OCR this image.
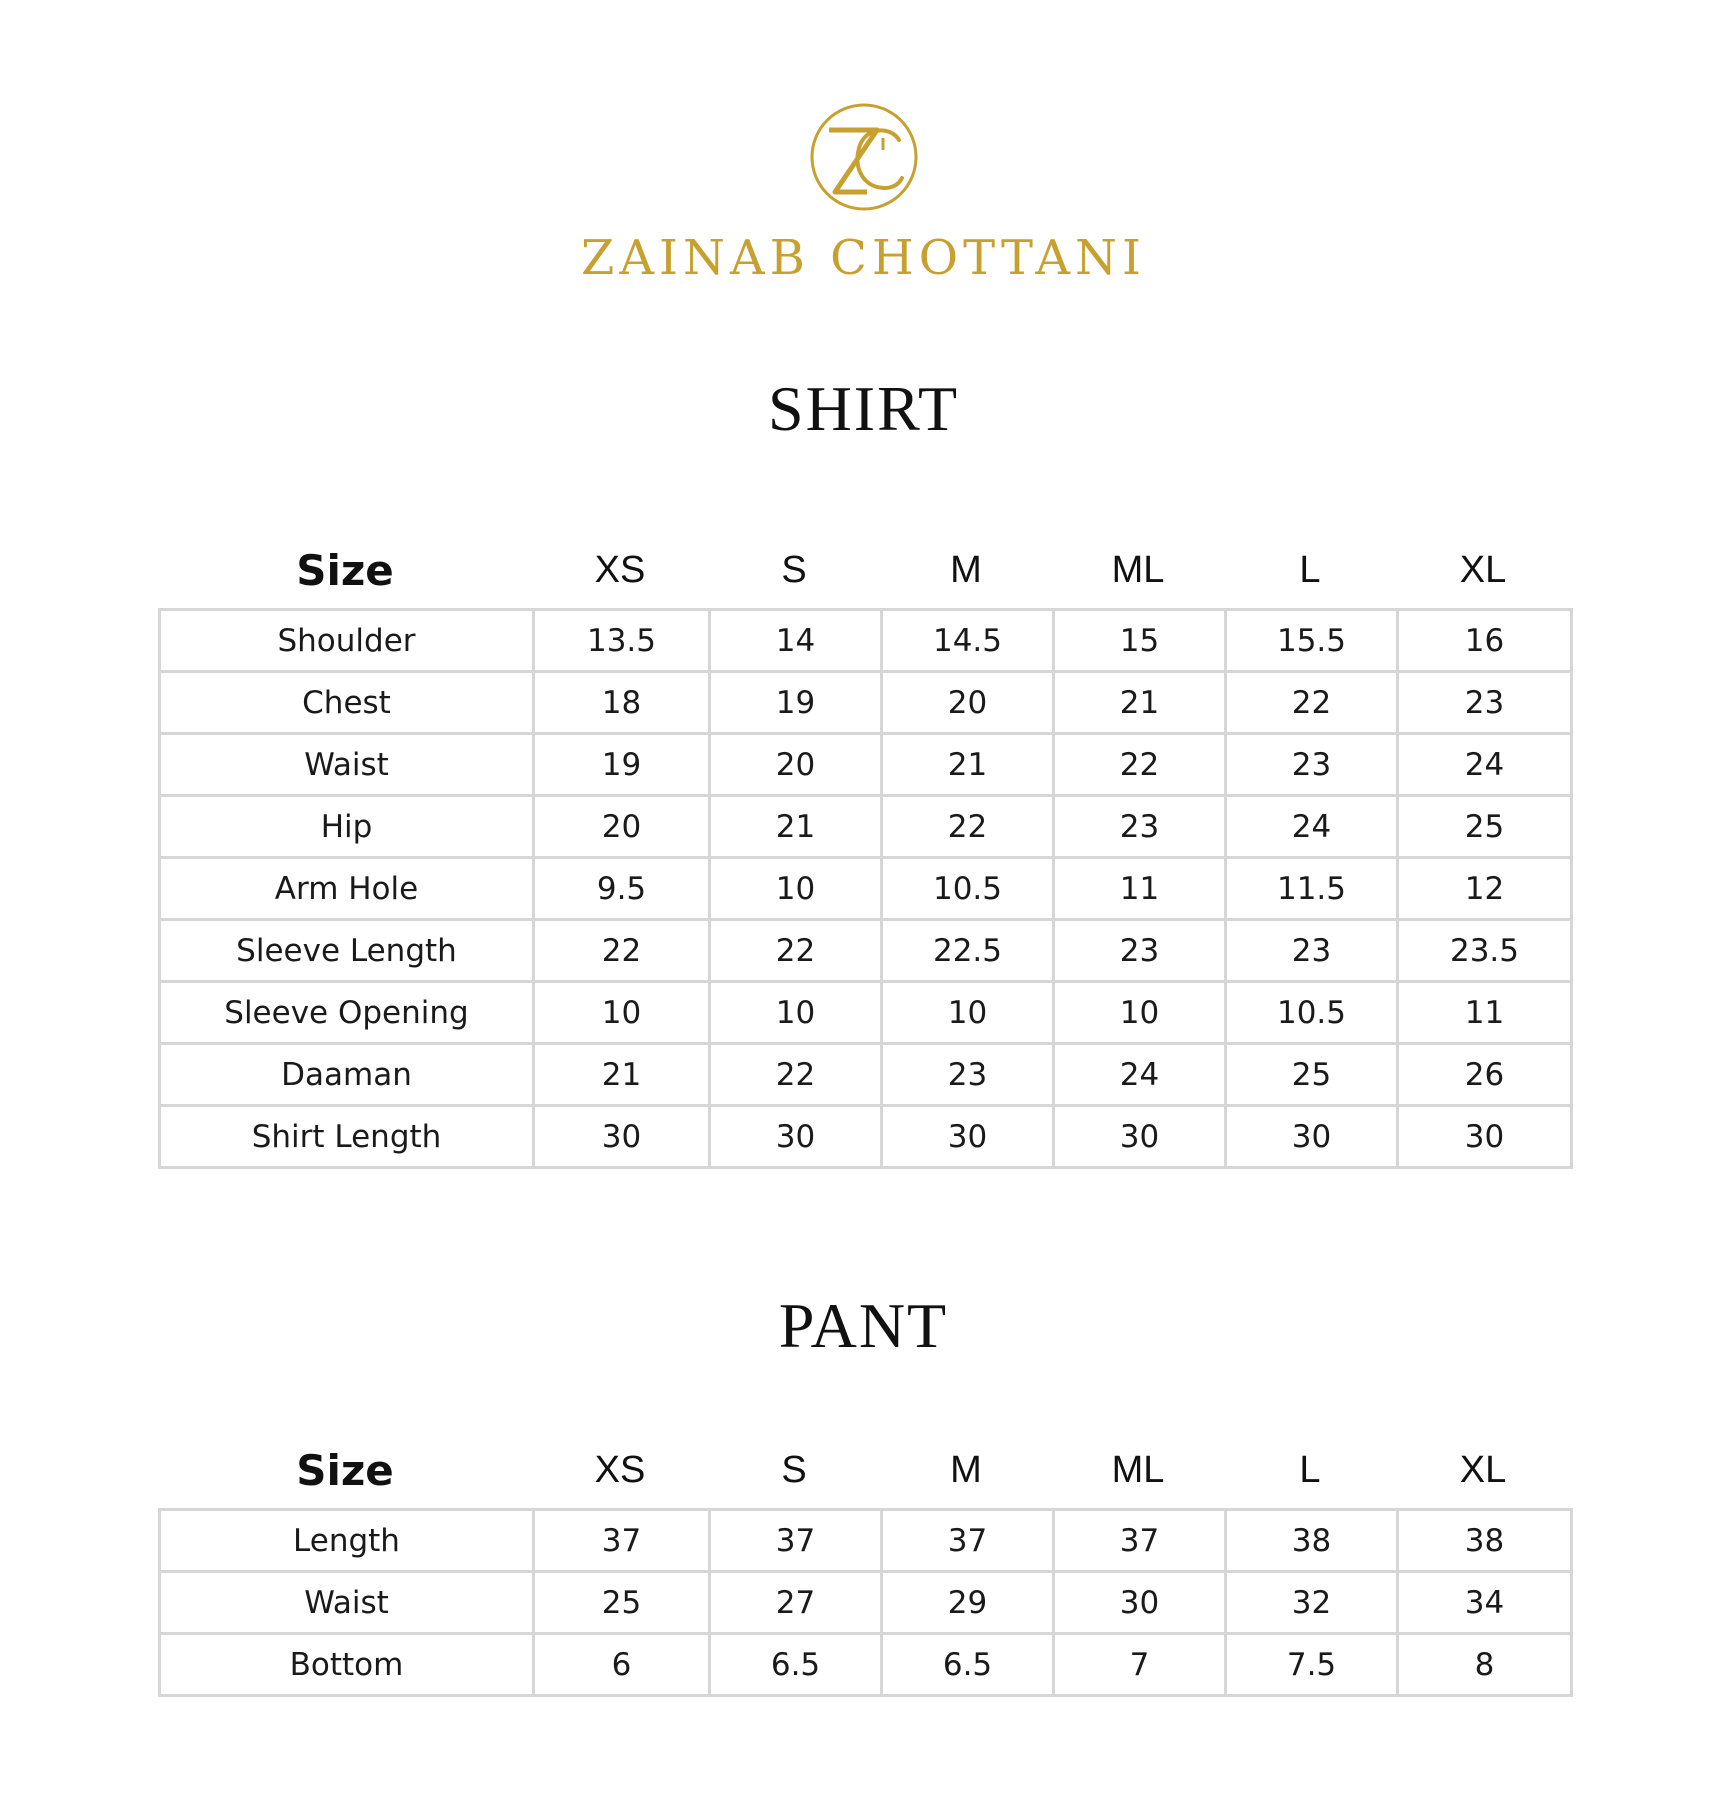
ZAINAB CHOTTANI
SHIRT
Size	XS	S	M	ML	L	XL
Shoulder	13.5	14	14.5	15	15.5	16
Chest	18	19	20	21	22	23
Waist	19	20	21	22	23	24
Hip	20	21	22	23	24	25
Arm Hole	9.5	10	10.5	11	11.5	12
Sleeve Length	22	22	22.5	23	23	23.5
Sleeve Opening	10	10	10	10	10.5	11
Daaman	21	22	23	24	25	26
Shirt Length	30	30	30	30	30	30
PANT
Size	XS	S	M	ML	L	XL
Length	37	37	37	37	38	38
Waist	25	27	29	30	32	34
Bottom	6	6.5	6.5	7	7.5	8
